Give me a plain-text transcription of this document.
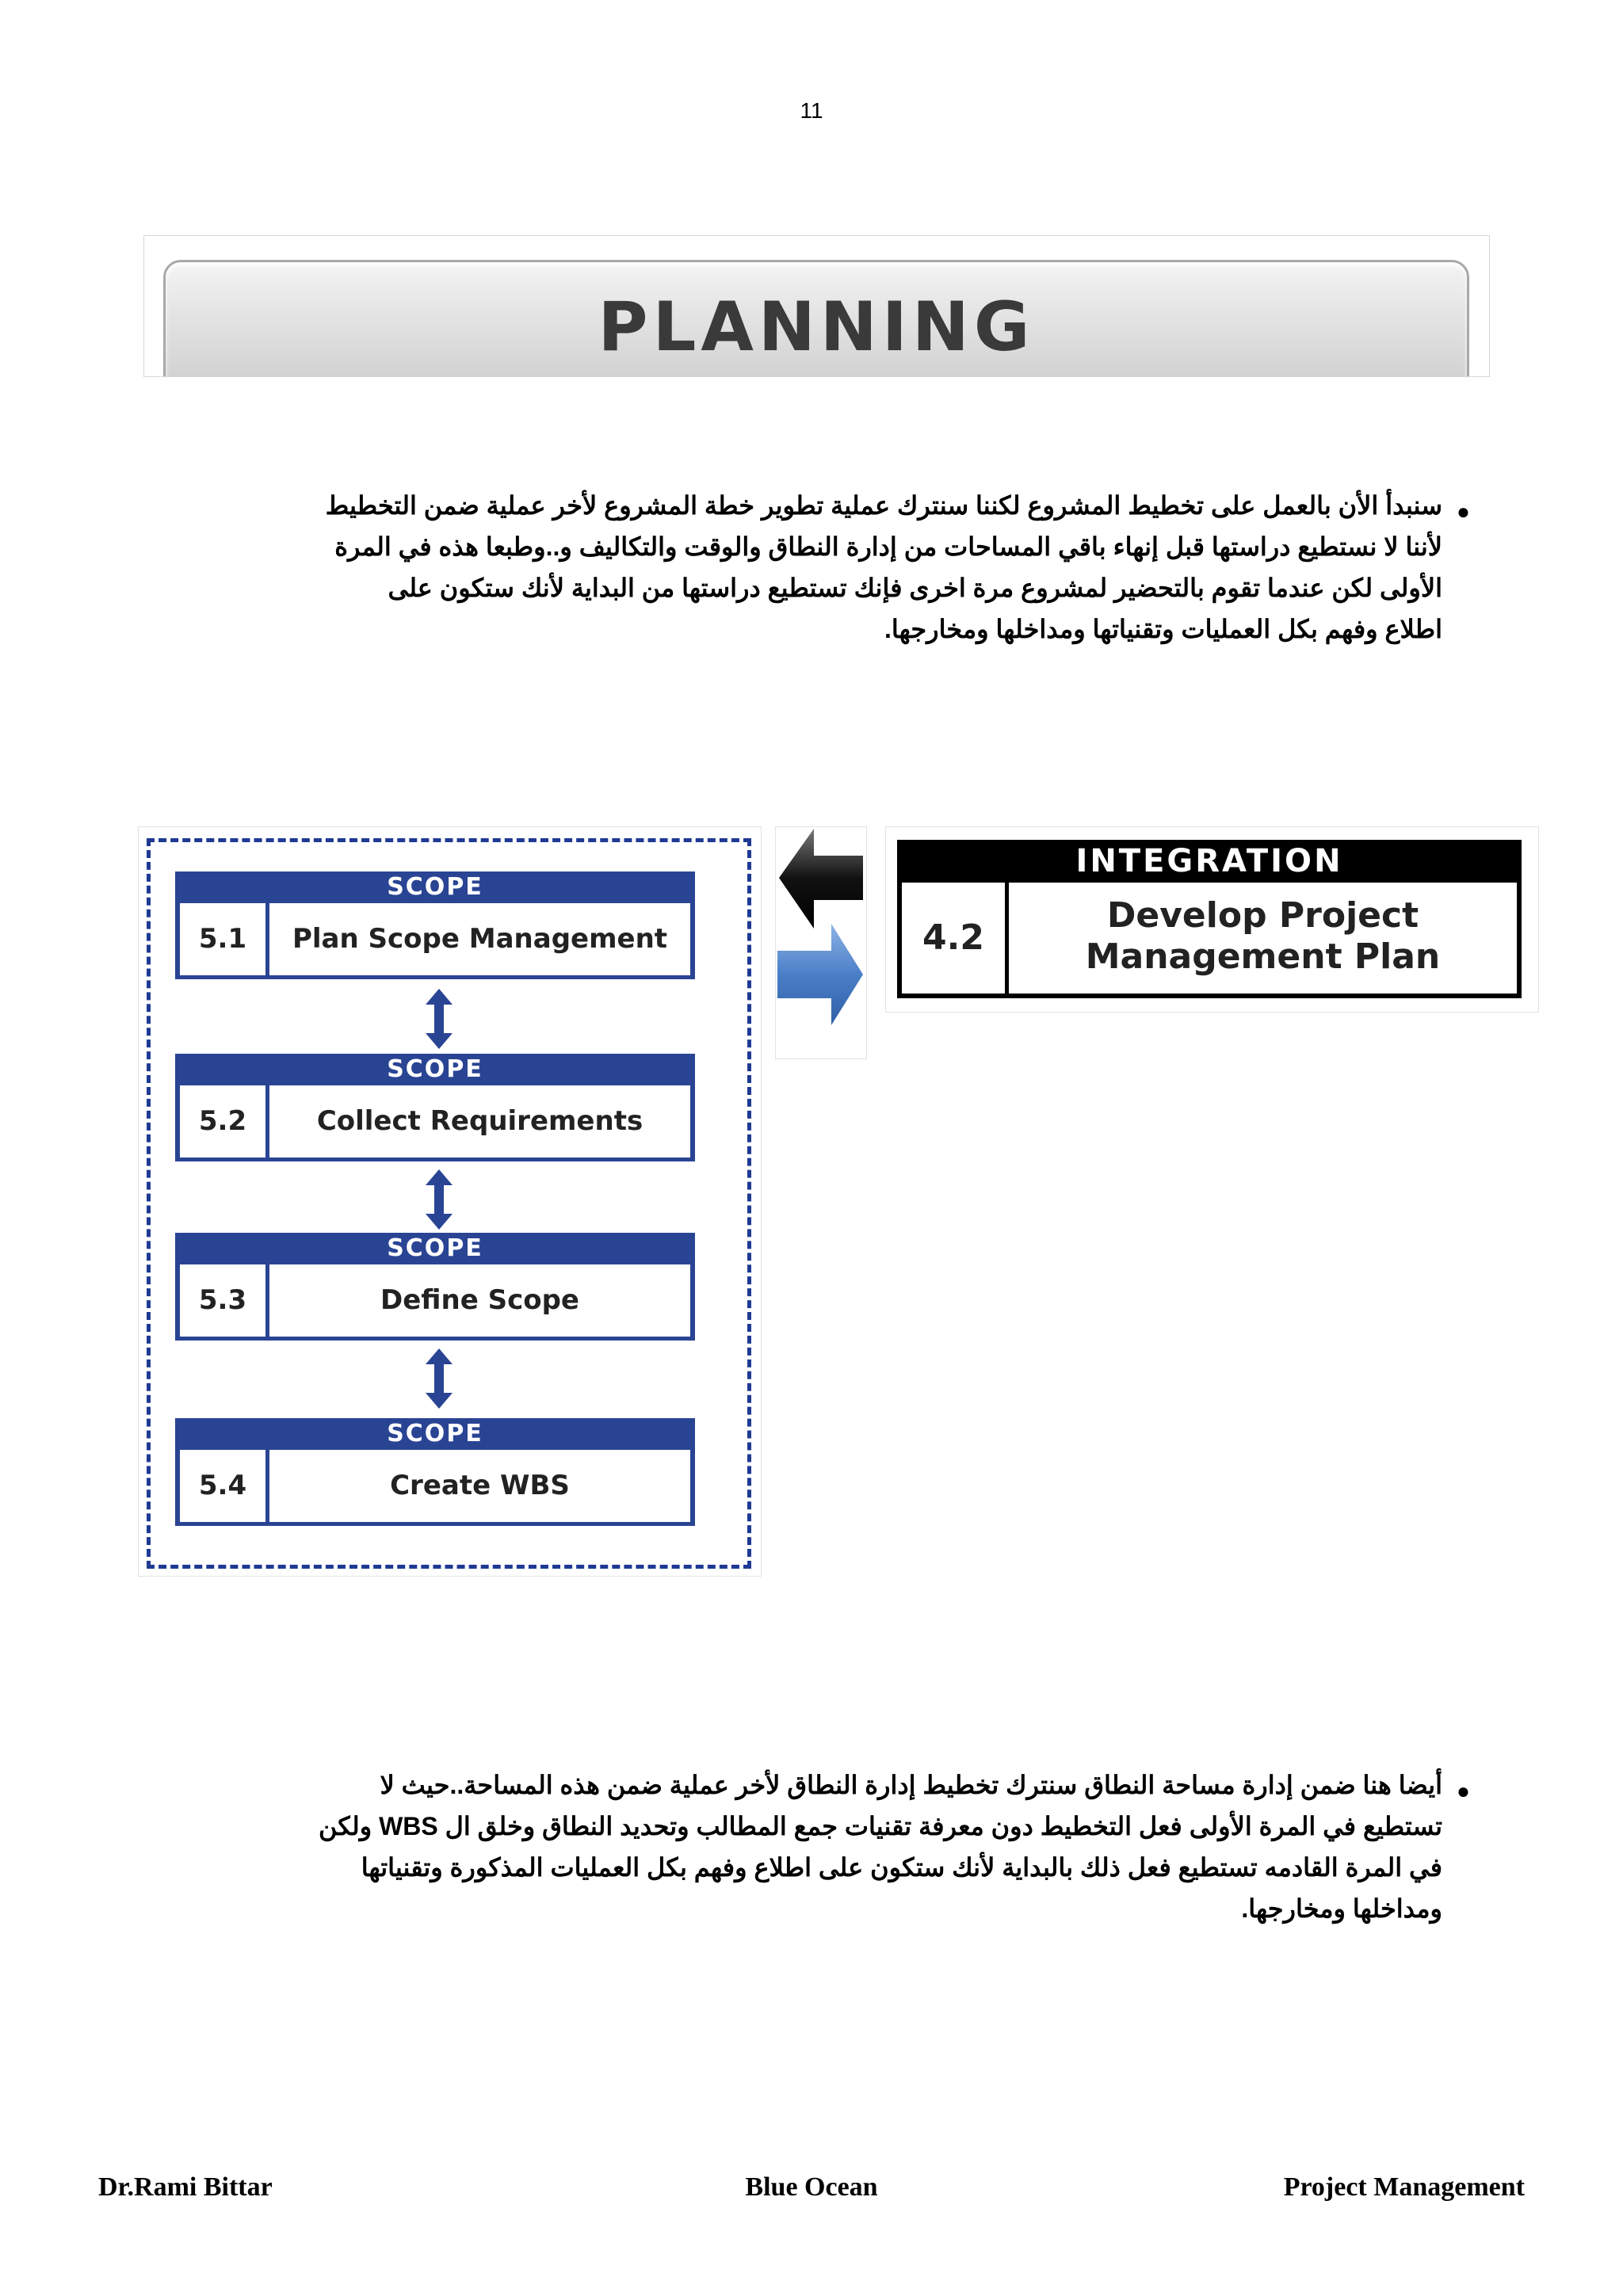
11
PLANNING
●
سنبدأ الأن بالعمل على تخطيط المشروع لكننا سنترك عملية تطوير خطة المشروع لأخر عملية ضمن التخطيط
لأننا لا نستطيع دراستها قبل إنهاء باقي المساحات من إدارة النطاق والوقت والتكاليف و..وطبعا هذه في المرة
الأولى لكن عندما تقوم بالتحضير لمشروع مرة اخرى فإنك تستطيع دراستها من البداية لأنك ستكون على
اطلاع وفهم بكل العمليات وتقنياتها ومداخلها ومخارجها.
SCOPE
5.1	Plan Scope Management
SCOPE
5.2	Collect Requirements
SCOPE
5.3	Define Scope
SCOPE
5.4	Create WBS
INTEGRATION
4.2
Develop Project
Management Plan
●
أيضا هنا ضمن إدارة مساحة النطاق سنترك تخطيط إدارة النطاق لأخر عملية ضمن هذه المساحة..حيث لا
تستطيع في المرة الأولى فعل التخطيط دون معرفة تقنيات جمع المطالب وتحديد النطاق وخلق ال WBS ولكن
في المرة القادمه تستطيع فعل ذلك بالبداية لأنك ستكون على اطلاع وفهم بكل العمليات المذكورة وتقنياتها
ومداخلها ومخارجها.
Dr.Rami Bittar	Blue Ocean	Project Management
